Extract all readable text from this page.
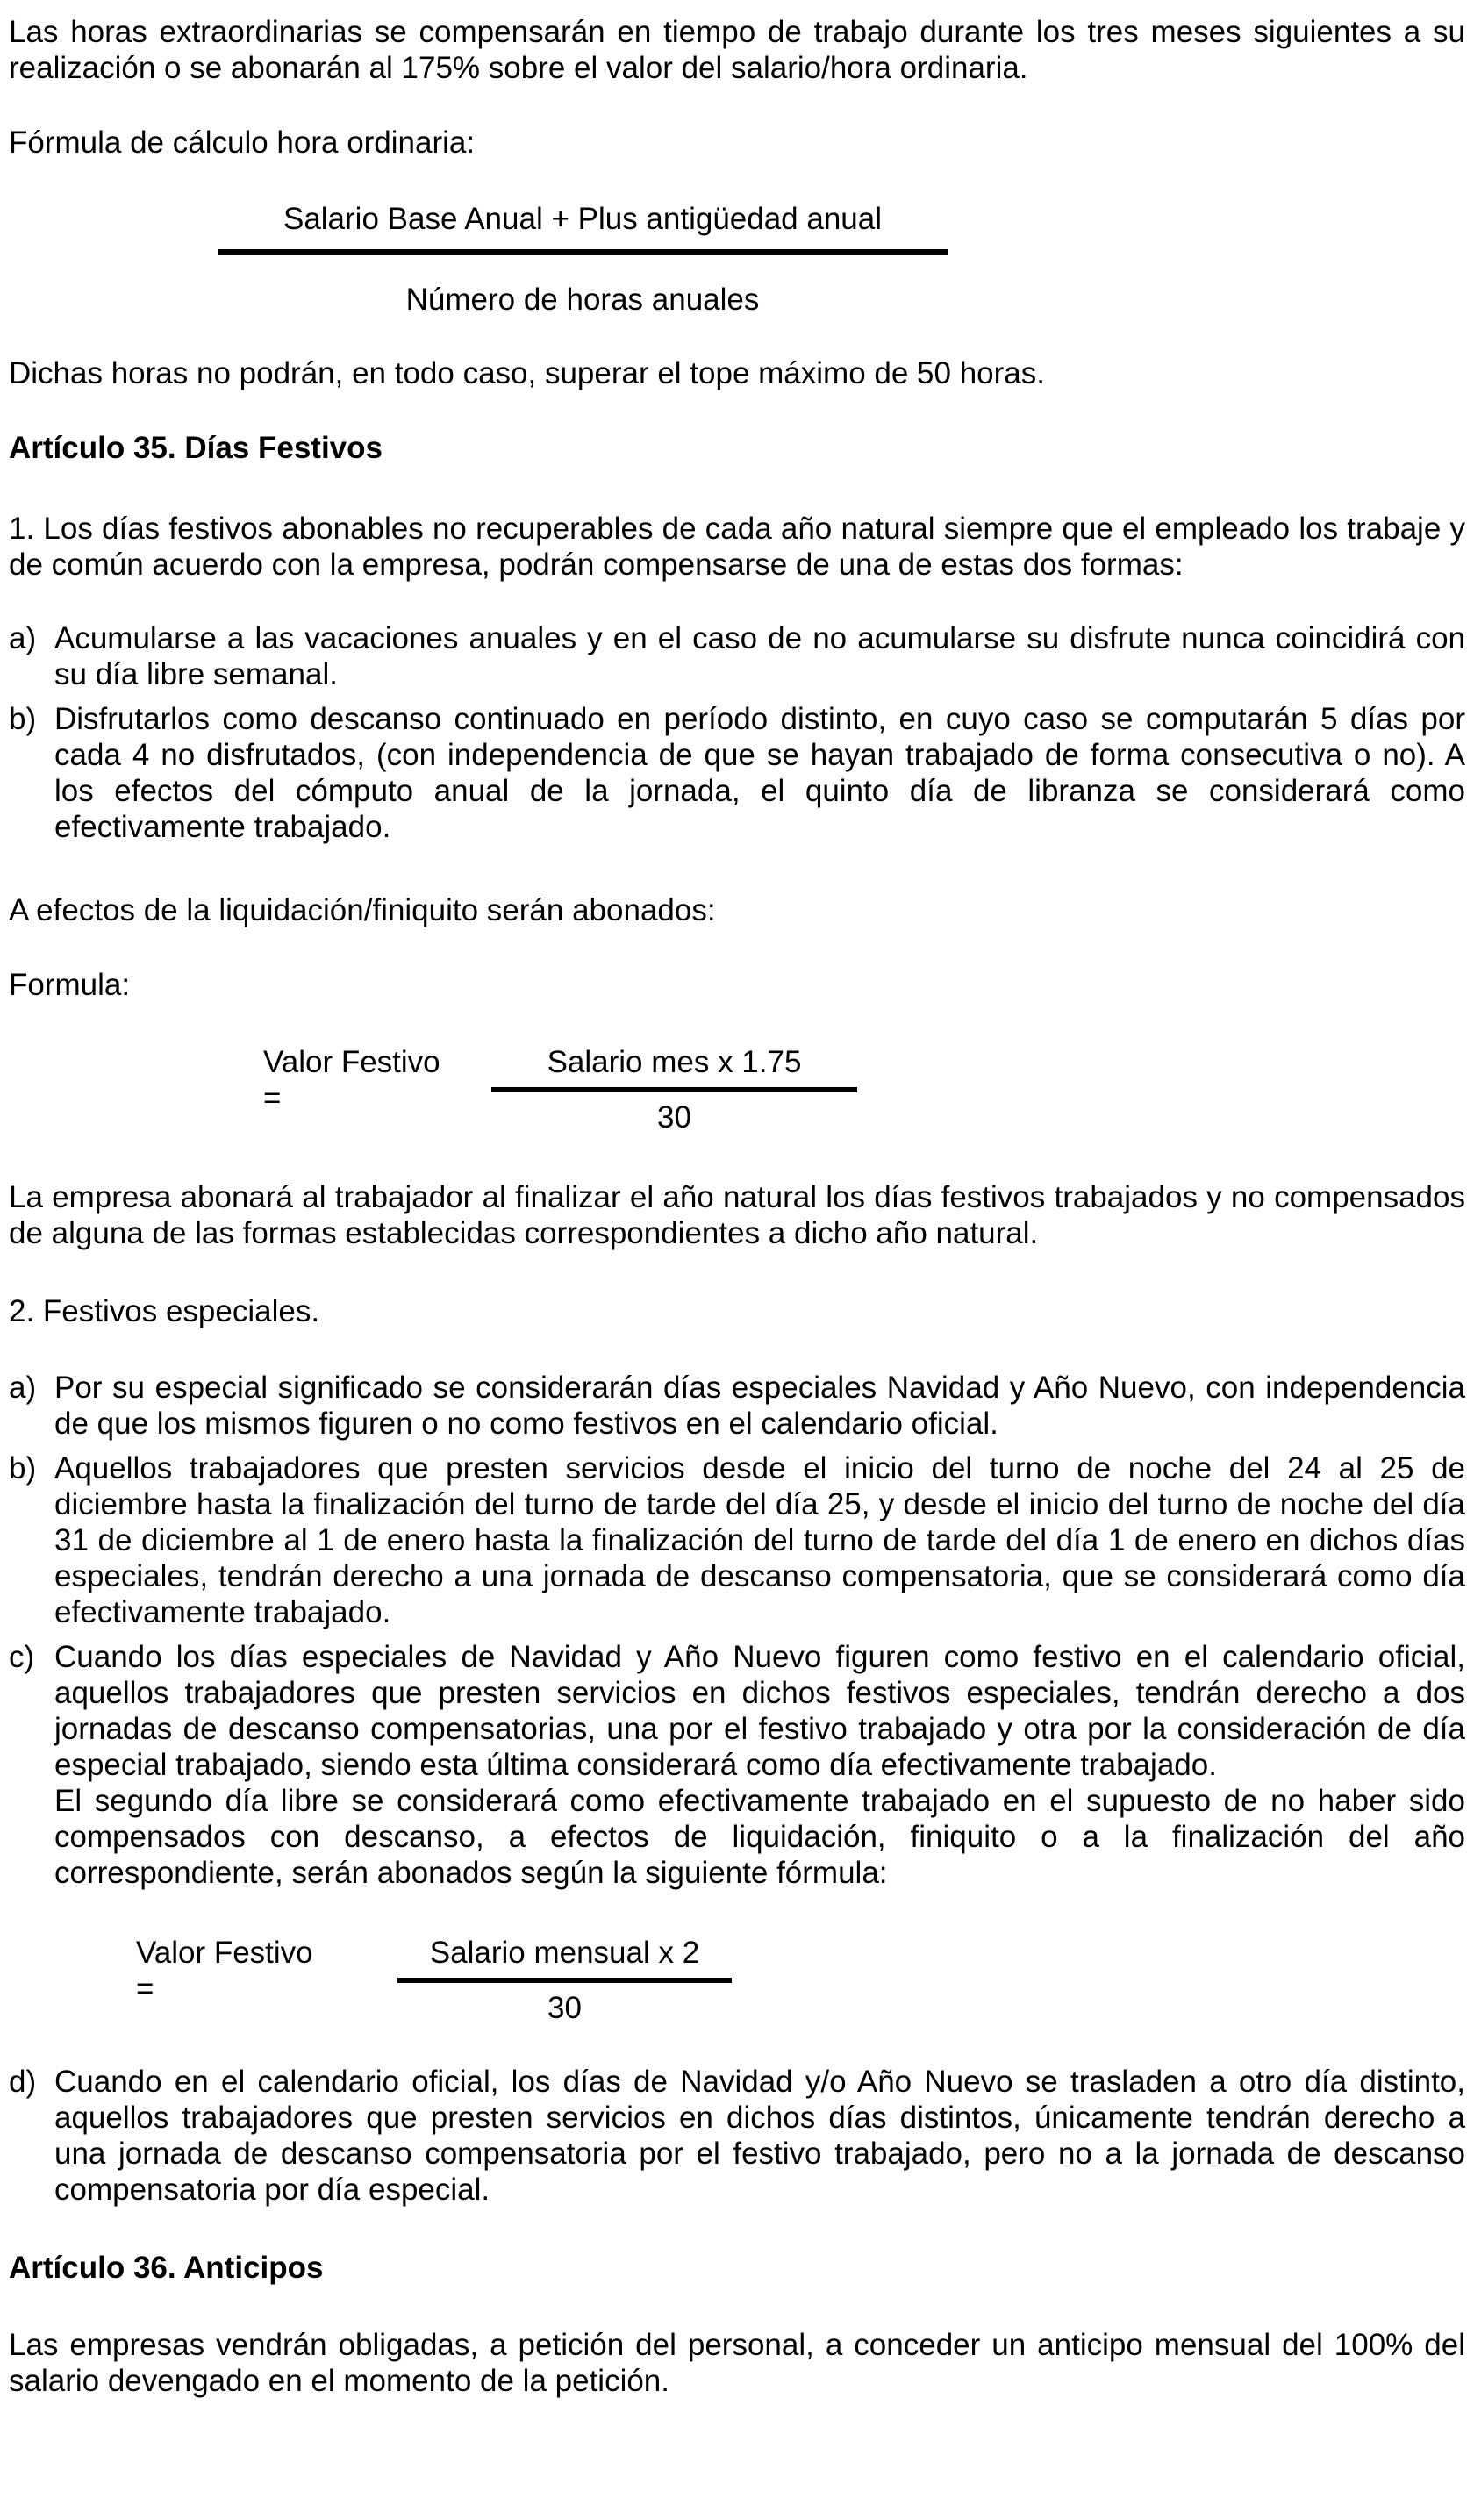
Las horas extraordinarias se compensarán en tiempo de trabajo durante los tres meses siguientes a su realización o se abonarán al 175% sobre el valor del salario/hora ordinaria.
Fórmula de cálculo hora ordinaria:
Salario Base Anual + Plus antigüedad anual
Número de horas anuales
Dichas horas no podrán, en todo caso, superar el tope máximo de 50 horas.
Artículo 35. Días Festivos
1. Los días festivos abonables no recuperables de cada año natural siempre que el empleado los trabaje y de común acuerdo con la empresa, podrán compensarse de una de estas dos formas:
a) Acumularse a las vacaciones anuales y en el caso de no acumularse su disfrute nunca coincidirá con su día libre semanal.
b) Disfrutarlos como descanso continuado en período distinto, en cuyo caso se computarán 5 días por cada 4 no disfrutados, (con independencia de que se hayan trabajado de forma consecutiva o no). A los efectos del cómputo anual de la jornada, el quinto día de libranza se considerará como efectivamente trabajado.
A efectos de la liquidación/finiquito serán abonados:
Formula:
Valor Festivo =	$\frac{\text{Salario mes x 1.75}}{30}$
La empresa abonará al trabajador al finalizar el año natural los días festivos trabajados y no compensados de alguna de las formas establecidas correspondientes a dicho año natural.
2. Festivos especiales.
a) Por su especial significado se considerarán días especiales Navidad y Año Nuevo, con independencia de que los mismos figuren o no como festivos en el calendario oficial.
b) Aquellos trabajadores que presten servicios desde el inicio del turno de noche del 24 al 25 de diciembre hasta la finalización del turno de tarde del día 25, y desde el inicio del turno de noche del día 31 de diciembre al 1 de enero hasta la finalización del turno de tarde del día 1 de enero en dichos días especiales, tendrán derecho a una jornada de descanso compensatoria, que se considerará como día efectivamente trabajado.
c) Cuando los días especiales de Navidad y Año Nuevo figuren como festivo en el calendario oficial, aquellos trabajadores que presten servicios en dichos festivos especiales, tendrán derecho a dos jornadas de descanso compensatorias, una por el festivo trabajado y otra por la consideración de día especial trabajado, siendo esta última considerará como día efectivamente trabajado.
El segundo día libre se considerará como efectivamente trabajado en el supuesto de no haber sido compensados con descanso, a efectos de liquidación, finiquito o a la finalización del año correspondiente, serán abonados según la siguiente fórmula:
Valor Festivo =	$\frac{\text{Salario mensual x 2}}{30}$
d) Cuando en el calendario oficial, los días de Navidad y/o Año Nuevo se trasladen a otro día distinto, aquellos trabajadores que presten servicios en dichos días distintos, únicamente tendrán derecho a una jornada de descanso compensatoria por el festivo trabajado, pero no a la jornada de descanso compensatoria por día especial.
Artículo 36. Anticipos
Las empresas vendrán obligadas, a petición del personal, a conceder un anticipo mensual del 100% del salario devengado en el momento de la petición.
